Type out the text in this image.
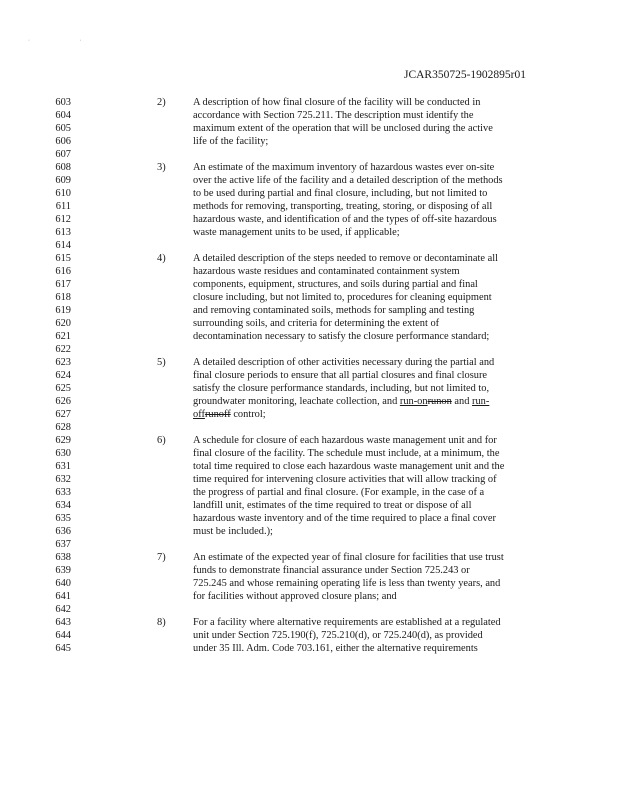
· ·
JCAR350725-1902895r01
603	2)	A description of how final closure of the facility will be conducted in
604	accordance with Section 725.211. The description must identify the
605	maximum extent of the operation that will be unclosed during the active
606	life of the facility;
607
608	3)	An estimate of the maximum inventory of hazardous wastes ever on-site
609	over the active life of the facility and a detailed description of the methods
610	to be used during partial and final closure, including, but not limited to
611	methods for removing, transporting, treating, storing, or disposing of all
612	hazardous waste, and identification of and the types of off-site hazardous
613	waste management units to be used, if applicable;
614
615	4)	A detailed description of the steps needed to remove or decontaminate all
616	hazardous waste residues and contaminated containment system
617	components, equipment, structures, and soils during partial and final
618	closure including, but not limited to, procedures for cleaning equipment
619	and removing contaminated soils, methods for sampling and testing
620	surrounding soils, and criteria for determining the extent of
621	decontamination necessary to satisfy the closure performance standard;
622
623	5)	A detailed description of other activities necessary during the partial and
624	final closure periods to ensure that all partial closures and final closure
625	satisfy the closure performance standards, including, but not limited to,
626	groundwater monitoring, leachate collection, and run-onrunon and run-
627	offrunoff control;
628
629	6)	A schedule for closure of each hazardous waste management unit and for
630	final closure of the facility. The schedule must include, at a minimum, the
631	total time required to close each hazardous waste management unit and the
632	time required for intervening closure activities that will allow tracking of
633	the progress of partial and final closure. (For example, in the case of a
634	landfill unit, estimates of the time required to treat or dispose of all
635	hazardous waste inventory and of the time required to place a final cover
636	must be included.);
637
638	7)	An estimate of the expected year of final closure for facilities that use trust
639	funds to demonstrate financial assurance under Section 725.243 or
640	725.245 and whose remaining operating life is less than twenty years, and
641	for facilities without approved closure plans; and
642
643	8)	For a facility where alternative requirements are established at a regulated
644	unit under Section 725.190(f), 725.210(d), or 725.240(d), as provided
645	under 35 Ill. Adm. Code 703.161, either the alternative requirements
